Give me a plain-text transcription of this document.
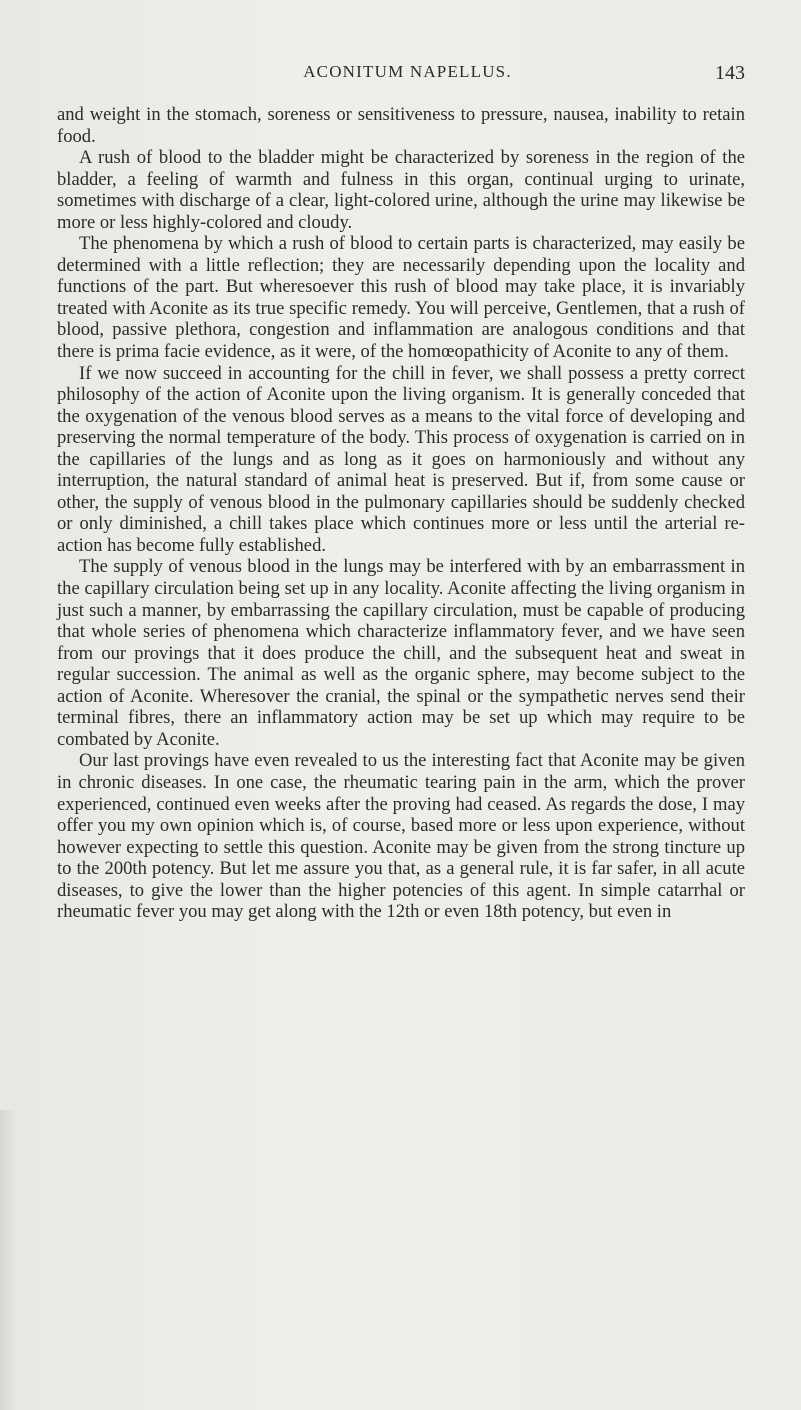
ACONITUM NAPELLUS.	143

and weight in the stomach, soreness or sensitiveness to pressure, nausea, inability to retain food.

A rush of blood to the bladder might be characterized by soreness in the region of the bladder, a feeling of warmth and fulness in this organ, continual urging to urinate, sometimes with discharge of a clear, light-colored urine, although the urine may likewise be more or less highly-colored and cloudy.

The phenomena by which a rush of blood to certain parts is characterized, may easily be determined with a little reflection; they are necessarily depending upon the locality and functions of the part. But wheresoever this rush of blood may take place, it is invariably treated with Aconite as its true specific remedy. You will perceive, Gentlemen, that a rush of blood, passive plethora, congestion and inflammation are analogous conditions and that there is prima facie evidence, as it were, of the homœopathicity of Aconite to any of them.

If we now succeed in accounting for the chill in fever, we shall possess a pretty correct philosophy of the action of Aconite upon the living organism. It is generally conceded that the oxygenation of the venous blood serves as a means to the vital force of developing and preserving the normal temperature of the body. This process of oxygenation is carried on in the capillaries of the lungs and as long as it goes on harmoniously and without any interruption, the natural standard of animal heat is preserved. But if, from some cause or other, the supply of venous blood in the pulmonary capillaries should be suddenly checked or only diminished, a chill takes place which continues more or less until the arterial re-action has become fully established.

The supply of venous blood in the lungs may be interfered with by an embarrassment in the capillary circulation being set up in any locality. Aconite affecting the living organism in just such a manner, by embarrassing the capillary circulation, must be capable of producing that whole series of phenomena which characterize inflammatory fever, and we have seen from our provings that it does produce the chill, and the subsequent heat and sweat in regular succession. The animal as well as the organic sphere, may become subject to the action of Aconite. Wheresover the cranial, the spinal or the sympathetic nerves send their terminal fibres, there an inflammatory action may be set up which may require to be combated by Aconite.

Our last provings have even revealed to us the interesting fact that Aconite may be given in chronic diseases. In one case, the rheumatic tearing pain in the arm, which the prover experienced, continued even weeks after the proving had ceased. As regards the dose, I may offer you my own opinion which is, of course, based more or less upon experience, without however expecting to settle this question. Aconite may be given from the strong tincture up to the 200th potency. But let me assure you that, as a general rule, it is far safer, in all acute diseases, to give the lower than the higher potencies of this agent. In simple catarrhal or rheumatic fever you may get along with the 12th or even 18th potency, but even in
